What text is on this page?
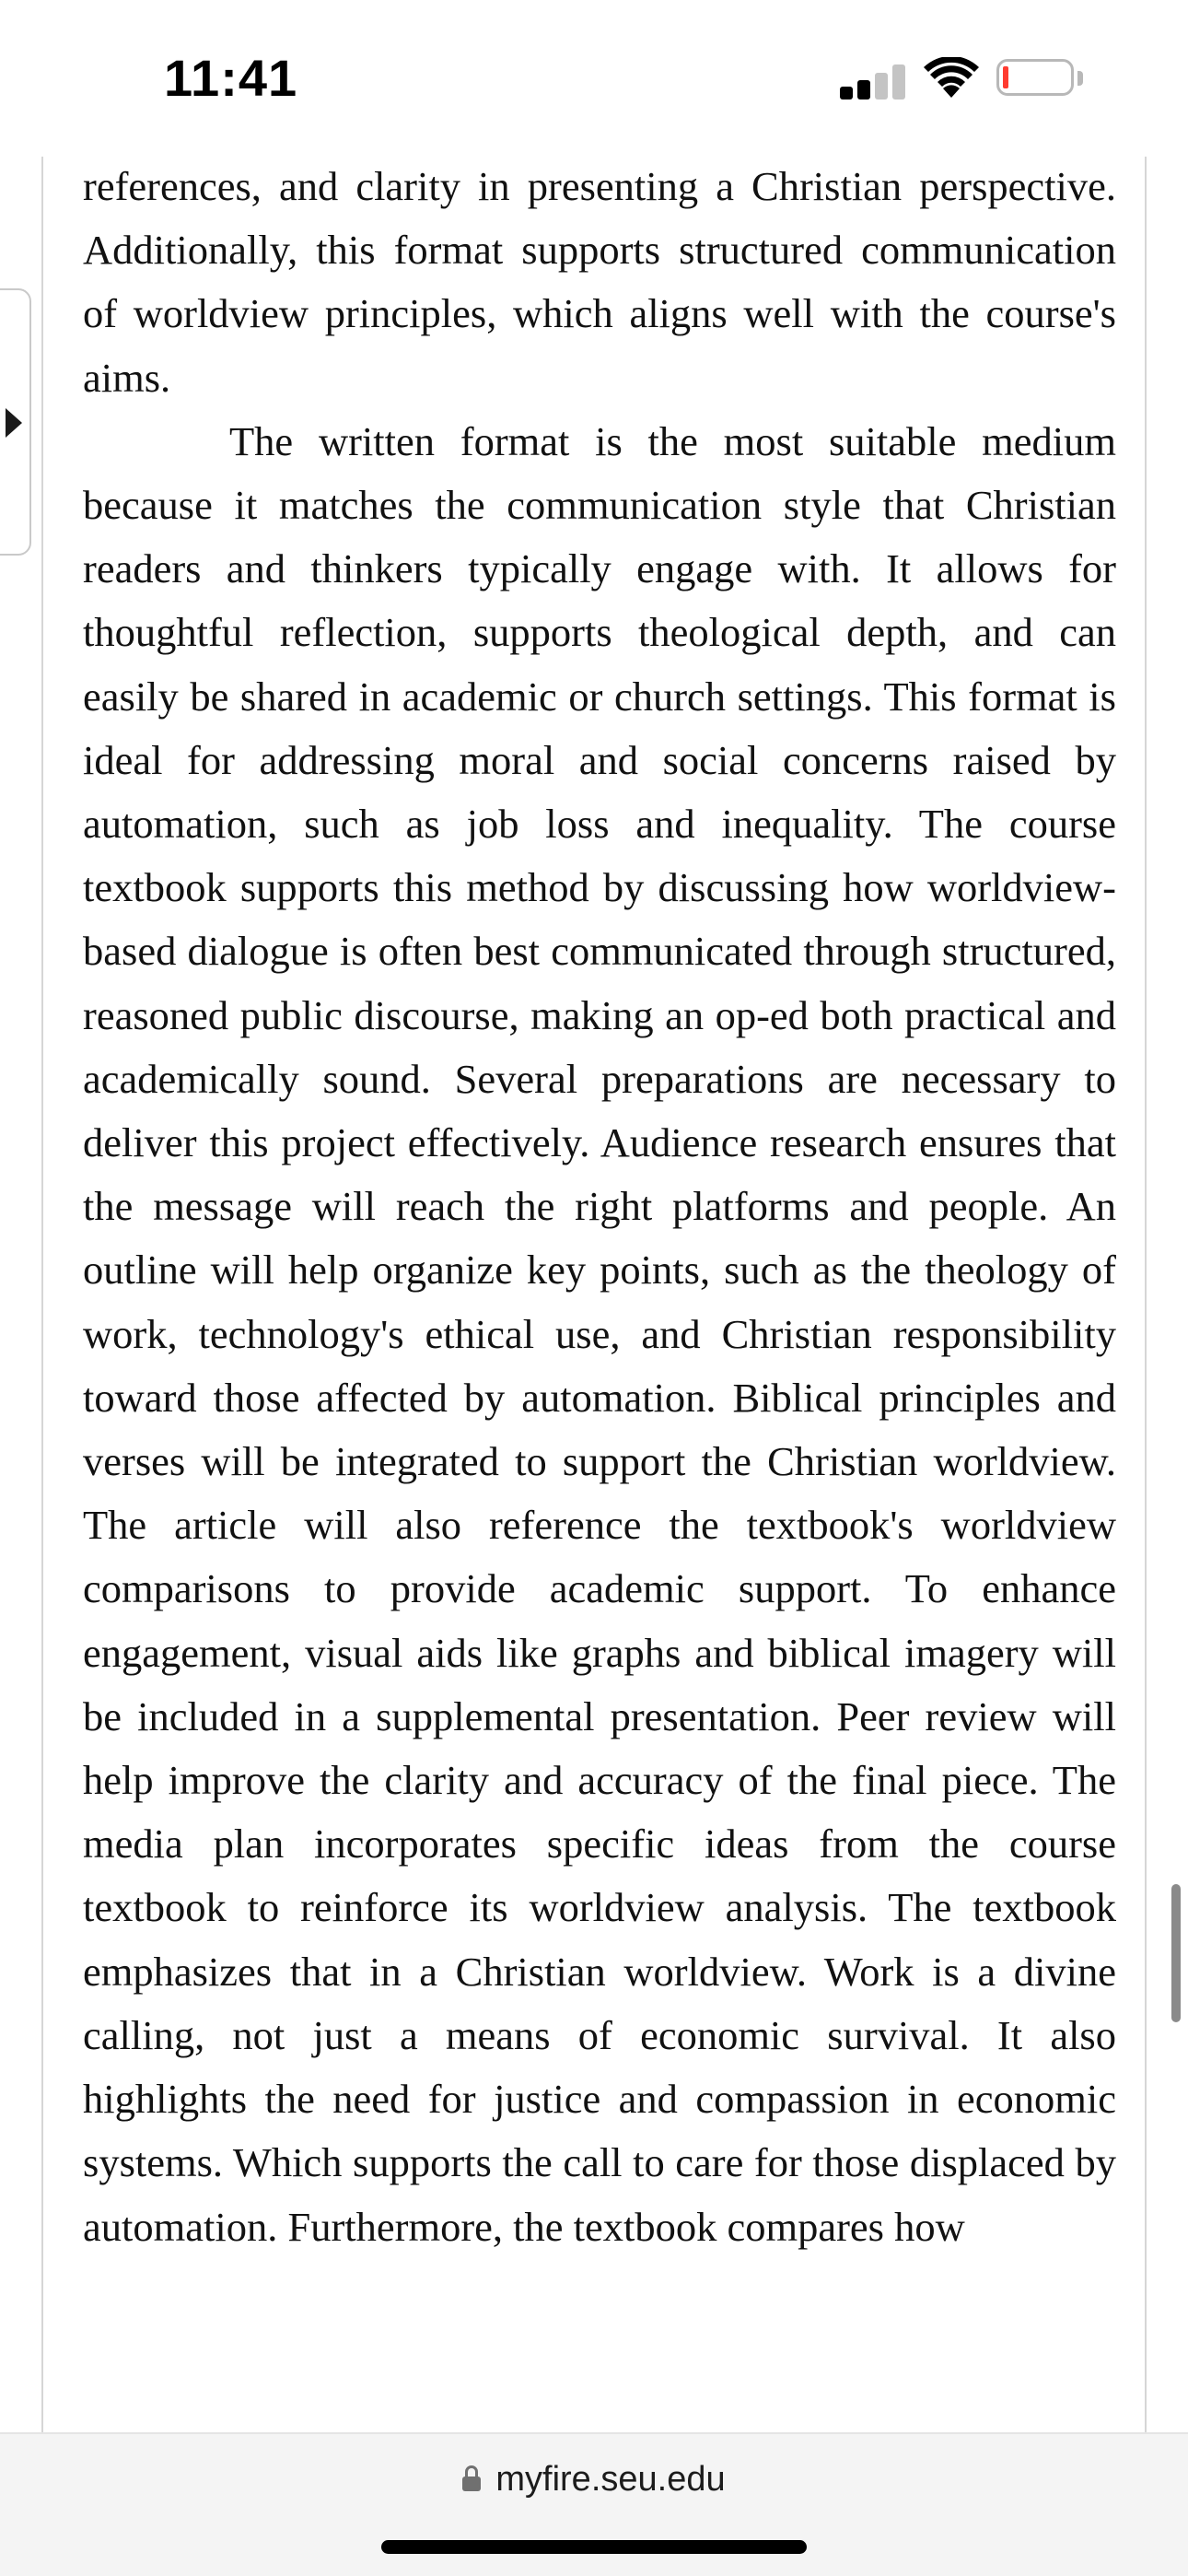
11:41

references, and clarity in presenting a Christian perspective. Additionally, this format supports structured communication of worldview principles, which aligns well with the course's aims.

The written format is the most suitable medium because it matches the communication style that Christian readers and thinkers typically engage with. It allows for thoughtful reflection, supports theological depth, and can easily be shared in academic or church settings. This format is ideal for addressing moral and social concerns raised by automation, such as job loss and inequality. The course textbook supports this method by discussing how worldview-based dialogue is often best communicated through structured, reasoned public discourse, making an op-ed both practical and academically sound. Several preparations are necessary to deliver this project effectively. Audience research ensures that the message will reach the right platforms and people. An outline will help organize key points, such as the theology of work, technology's ethical use, and Christian responsibility toward those affected by automation. Biblical principles and verses will be integrated to support the Christian worldview. The article will also reference the textbook's worldview comparisons to provide academic support. To enhance engagement, visual aids like graphs and biblical imagery will be included in a supplemental presentation. Peer review will help improve the clarity and accuracy of the final piece. The media plan incorporates specific ideas from the course textbook to reinforce its worldview analysis. The textbook emphasizes that in a Christian worldview. Work is a divine calling, not just a means of economic survival. It also highlights the need for justice and compassion in economic systems. Which supports the call to care for those displaced by automation. Furthermore, the textbook compares how

myfire.seu.edu
